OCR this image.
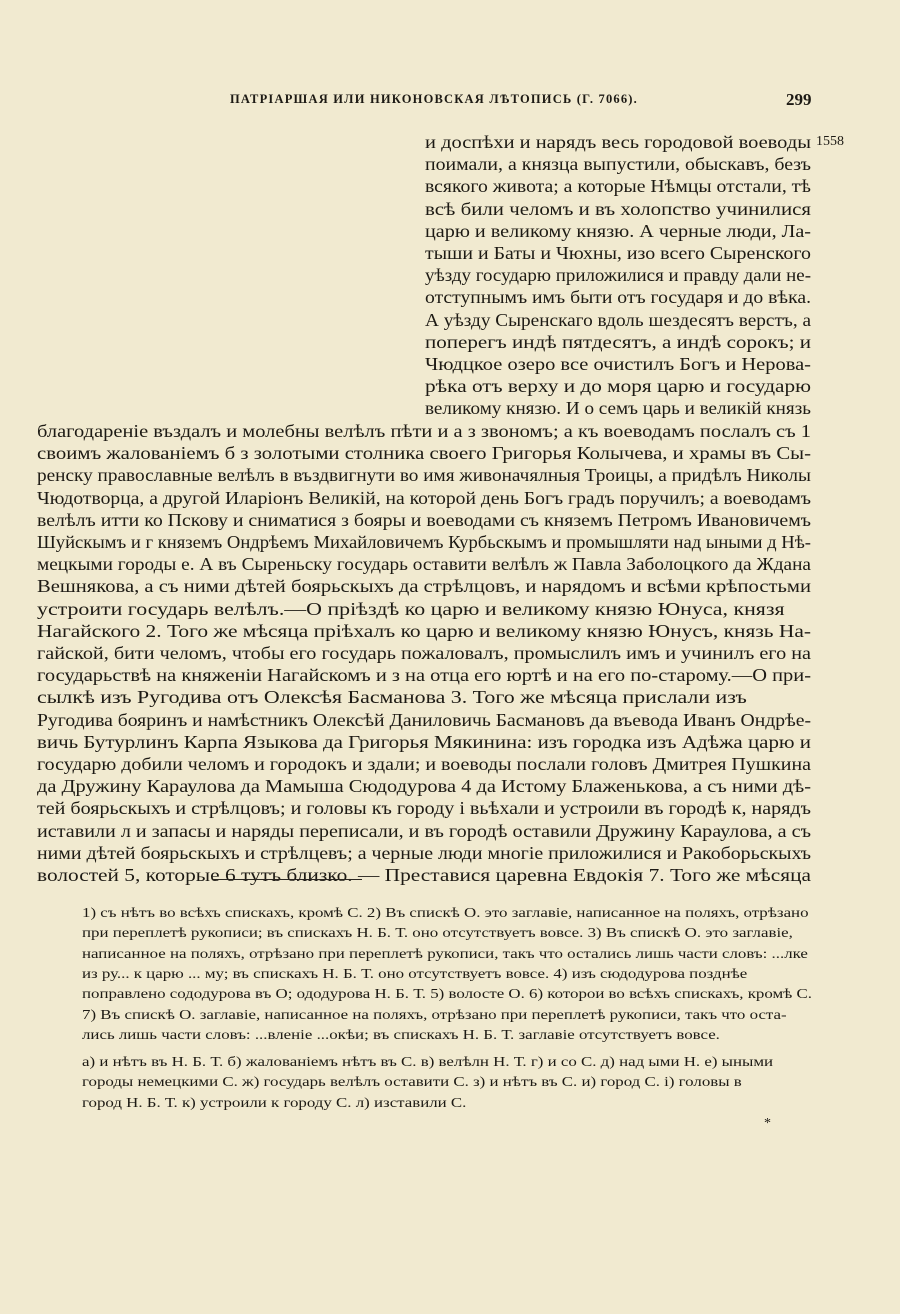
ПАТРІАРШАЯ ИЛИ НИКОНОВСКАЯ ЛѢТОПИСЬ (Г. 7066).	299
1558
и доспѣхи и нарядъ весь городовой воеводы
поимали, а князца выпустили, обыскавъ, безъ
всякого живота; а которые Нѣмцы отстали, тѣ
всѣ били челомъ и въ холопство учинилися
царю и великому князю. А черные люди, Ла-
тыши и Баты и Чюхны, изо всего Сыренского
уѣзду государю приложилися и правду дали не-
отступнымъ имъ быти отъ государя и до вѣка.
А уѣзду Сыренскаго вдоль шездесятъ верстъ, а
поперегъ индѣ пятдесятъ, а индѣ сорокъ; и
Чюдцкое озеро все очистилъ Богъ и Нерова-
рѣка отъ верху и до моря царю и государю
великому князю. И о семъ царь и великiй князь
благодареніе въздалъ и молебны велѣлъ пѣти и а з звономъ; а къ воеводамъ послалъ съ 1
своимъ жалованіемъ б з золотыми столника своего Григорья Колычева, и храмы въ Сы-
ренску православные велѣлъ в въздвигнути во имя живоначялныя Троицы, а придѣлъ Николы
Чюдотворца, а другой Иларіонъ Великій, на которой день Богъ градъ поручилъ; а воеводамъ
велѣлъ итти ко Пскову и сниматися з бояры и воеводами съ княземъ Петромъ Ивановичемъ
Шуйскымъ и г княземъ Ондрѣемъ Михайловичемъ Курбьскымъ и промышляти над ыными д Нѣ-
мецкыми городы е. А въ Сыреньску государь оставити велѣлъ ж Павла Заболоцкого да Ждана
Вешнякова, а съ ними дѣтей боярьскыхъ да стрѣлцовъ, и нарядомъ и всѣми крѣпостьми
устроити государь велѣлъ.—О пріѣздѣ ко царю и великому князю Юнуса, князя
Нагайского 2. Того же мѣсяца пріѣхалъ ко царю и великому князю Юнусъ, князь На-
гайской, бити челомъ, чтобы его государь пожаловалъ, промыслилъ имъ и учинилъ его на
государьствѣ на княженіи Нагайскомъ и з на отца его юртѣ и на его по-старому.—О при-
сылкѣ изъ Ругодива отъ Олексѣя Басманова 3. Того же мѣсяца прислали изъ
Ругодива бояринъ и намѣстникъ Олексѣй Даниловичь Басмановъ да въевода Иванъ Ондрѣе-
вичь Бутурлинъ Карпа Языкова да Григорья Мякинина: изъ городка изъ Адѣжа царю и
государю добили челомъ и городокъ и здали; и воеводы послали головъ Дмитрея Пушкина
да Дружину Караулова да Мамыша Сюдодурова 4 да Истому Блаженькова, а съ ними дѣ-
тей боярьскыхъ и стрѣлцовъ; и головы къ городу і вьѣхали и устроили въ городѣ к, нарядъ
иставили л и запасы и наряды переписали, и въ городѣ оставили Дружину Караулова, а съ
ними дѣтей боярьскыхъ и стрѣлцевъ; а черные люди многіе приложилися и Ракоборьскыхъ
волостей 5, которые 6 тутъ близко. — Преставися царевна Евдокія 7. Того же мѣсяца
1) съ нѣтъ во всѣхъ спискахъ, кромѣ С. 2) Въ спискѣ О. это заглавіе, написанное на поляхъ, отрѣзано
при переплетѣ рукописи; въ спискахъ Н. Б. Т. оно отсутствуетъ вовсе. 3) Въ спискѣ О. это заглавіе,
написанное на поляхъ, отрѣзано при переплетѣ рукописи, такъ что остались лишь части словъ: ...лке
из ру... к царю ... му; въ спискахъ Н. Б. Т. оно отсутствуетъ вовсе. 4) изъ сюдодурова позднѣе
поправлено сододурова въ О; ододурова Н. Б. Т. 5) волосте О. 6) которои во всѣхъ спискахъ, кромѣ С.
7) Въ спискѣ О. заглавіе, написанное на поляхъ, отрѣзано при переплетѣ рукописи, такъ что оста-
лись лишь части словъ: ...вленіе ...окѣи; въ спискахъ Н. Б. Т. заглавіе отсутствуетъ вовсе.
а) и нѣтъ въ Н. Б. Т. б) жалованіемъ нѣтъ въ С. в) велѣлн Н. Т. г) и со С. д) над ыми Н. е) ыными
городы немецкими С. ж) государь велѣлъ оставити С. з) и нѣтъ въ С. и) город С. і) головы в
город Н. Б. Т. к) устроили к городу С. л) изставили С.
*
